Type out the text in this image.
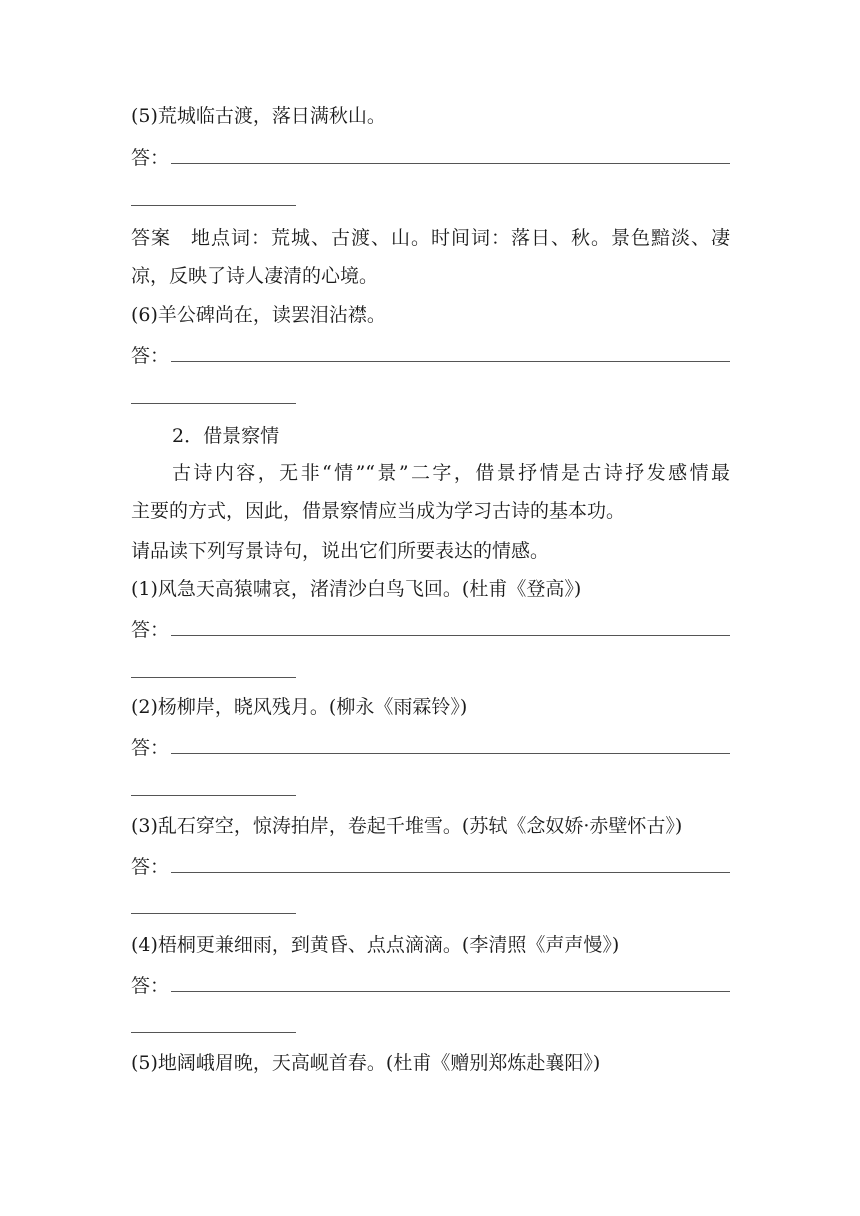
(5)荒城临古渡，落日满秋山。
答：
答案　地点词：荒城、古渡、山。时间词：落日、秋。景色黯淡、凄
凉，反映了诗人凄清的心境。
(6)羊公碑尚在，读罢泪沾襟。
答：
2．借景察情
古诗内容，无非“情”“景”二字，借景抒情是古诗抒发感情最
主要的方式，因此，借景察情应当成为学习古诗的基本功。
请品读下列写景诗句，说出它们所要表达的情感。
(1)风急天高猿啸哀，渚清沙白鸟飞回。(杜甫《登高》)
答：
(2)杨柳岸，晓风残月。(柳永《雨霖铃》)
答：
(3)乱石穿空，惊涛拍岸，卷起千堆雪。(苏轼《念奴娇·赤壁怀古》)
答：
(4)梧桐更兼细雨，到黄昏、点点滴滴。(李清照《声声慢》)
答：
(5)地阔峨眉晚，天高岘首春。(杜甫《赠别郑炼赴襄阳》)
